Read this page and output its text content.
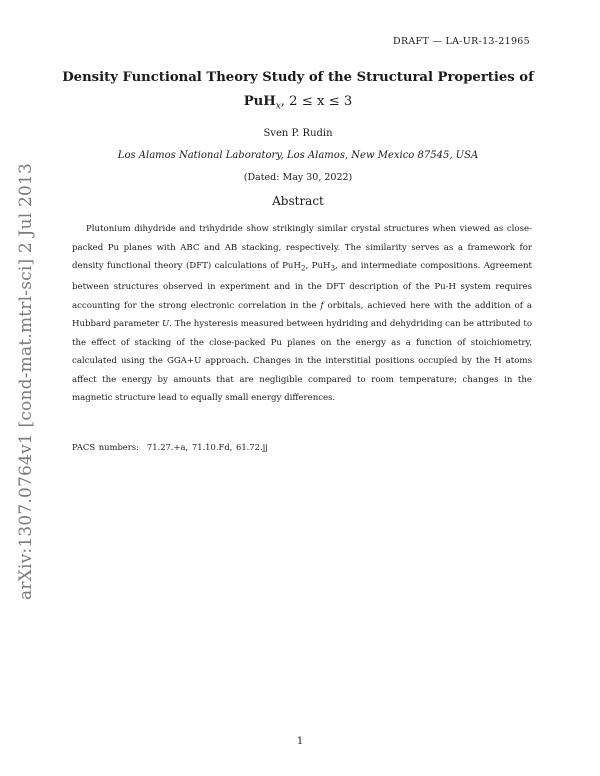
DRAFT — LA-UR-13-21965
arXiv:1307.0764v1 [cond-mat.mtrl-sci] 2 Jul 2013
Density Functional Theory Study of the Structural Properties of
PuH$_x$, 2 ≤ x ≤ 3
Sven P. Rudin
Los Alamos National Laboratory, Los Alamos, New Mexico 87545, USA
(Dated: May 30, 2022)
Abstract

Plutonium dihydride and trihydride show strikingly similar crystal structures when viewed as close-packed Pu planes with ABC and AB stacking, respectively. The similarity serves as a framework for density functional theory (DFT) calculations of PuH$_2$, PuH$_3$, and intermediate compositions. Agreement between structures observed in experiment and in the DFT description of the Pu-H system requires accounting for the strong electronic correlation in the f orbitals, achieved here with the addition of a Hubbard parameter U. The hysteresis measured between hydriding and dehydriding can be attributed to the effect of stacking of the close-packed Pu planes on the energy as a function of stoichiometry, calculated using the GGA+U approach. Changes in the interstitial positions occupied by the H atoms affect the energy by amounts that are negligible compared to room temperature; changes in the magnetic structure lead to equally small energy differences.

PACS numbers: 71.27.+a, 71.10.Fd, 61.72.jj
1
